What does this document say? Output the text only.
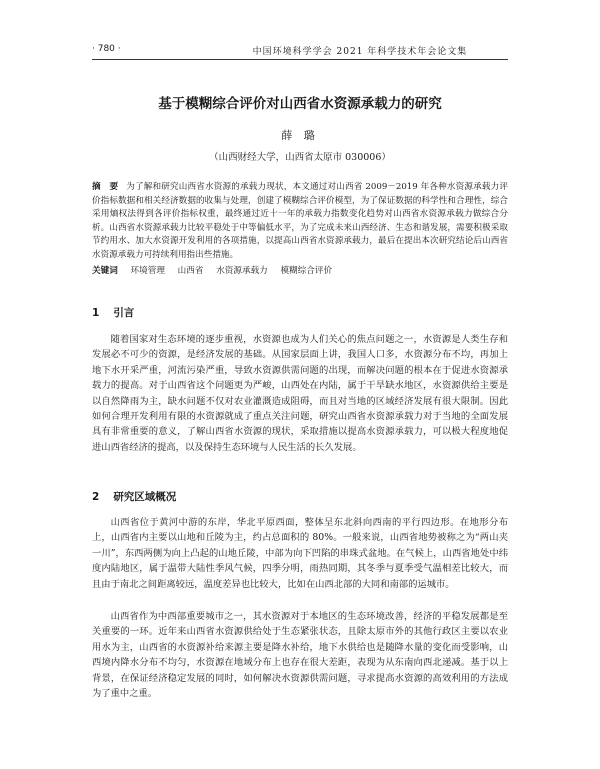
· 780 ·	中国环境科学学会 2021 年科学技术年会论文集
基于模糊综合评价对山西省水资源承载力的研究
薛 璐
（山西财经大学，山西省太原市 030006）
摘　要 为了解和研究山西省水资源的承载力现状，本文通过对山西省 2009－2019 年各种水资源承载力评价指标数据和相关经济数据的收集与处理，创建了模糊综合评价模型，为了保证数据的科学性和合理性，综合采用熵权法得到各评价指标权重，最终通过近十一年的承载力指数变化趋势对山西省水资源承载力做综合分析。山西省水资源承载力比较平稳处于中等偏低水平，为了完成未来山西经济、生态和谐发展，需要积极采取节约用水、加大水资源开发利用的各项措施，以提高山西省水资源承载力，最后在提出本次研究结论后山西省水资源承载力可持续利用指出些措施。
关键词 环境管理 山西省 水资源承载力 模糊综合评价
1 引言
随着国家对生态环境的逐步重视，水资源也成为人们关心的焦点问题之一，水资源是人类生存和发展必不可少的资源，是经济发展的基础。从国家层面上讲，我国人口多，水资源分布不均，再加上地下水开采严重，河流污染严重，导致水资源供需问题的出现，而解决问题的根本在于促进水资源承载力的提高。对于山西省这个问题更为严峻，山西处在内陆，属于干旱缺水地区，水资源供给主要是以自然降雨为主，缺水问题不仅对农业灌溉造成阻碍，而且对当地的区域经济发展有很大限制。因此如何合理开发利用有限的水资源就成了重点关注问题，研究山西省水资源承载力对于当地的全面发展具有非常重要的意义，了解山西省水资源的现状，采取措施以提高水资源承载力，可以极大程度地促进山西省经济的提高，以及保持生态环境与人民生活的长久发展。
2 研究区域概况
山西省位于黄河中游的东岸，华北平原西面，整体呈东北斜向西南的平行四边形。在地形分布上，山西省内主要以山地和丘陵为主，约占总面积的 80%。一般来说，山西省地势被称之为“两山夹一川”，东西两侧为向上凸起的山地丘陵，中部为向下凹陷的串珠式盆地。在气候上，山西省地处中纬度内陆地区，属于温带大陆性季风气候，四季分明，雨热同期，其冬季与夏季受气温相差比较大，而且由于南北之间距离较远，温度差异也比较大，比如在山西北部的大同和南部的运城市。
山西省作为中西部重要城市之一，其水资源对于本地区的生态环境改善，经济的平稳发展都是至关重要的一环。近年来山西省水资源供给处于生态紧张状态，且除太原市外的其他行政区主要以农业用水为主，山西省的水资源补给来源主要是降水补给，地下水供给也是随降水量的变化而受影响，山西境内降水分布不均匀，水资源在地域分布上也存在很大差距，表现为从东南向西北递减。基于以上背景，在保证经济稳定发展的同时，如何解决水资源供需问题，寻求提高水资源的高效利用的方法成为了重中之重。
